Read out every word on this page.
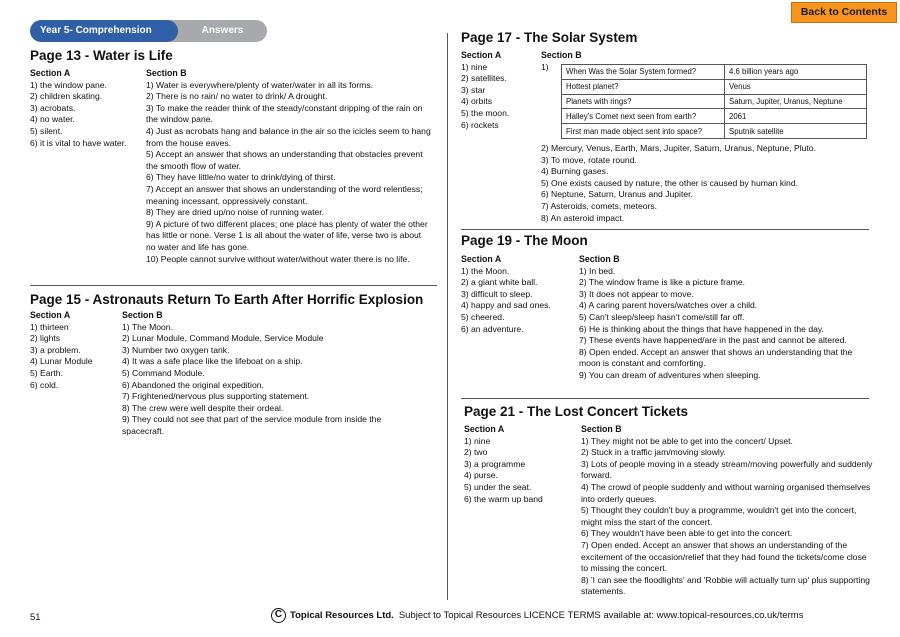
Year 5- Comprehension	Answers
Back to Contents
Page 13 - Water is Life
Section A
1) the window pane.
2) children skating.
3) acrobats.
4) no water.
5) silent.
6) it is vital to have water.
Section B
1) Water is everywhere/plenty of water/water in all its forms.
2) There is no rain/ no water to drink/ A drought.
3) To make the reader think of the steady/constant dripping of the rain on the window pane.
4) Just as acrobats hang and balance in the air so the icicles seem to hang from the house eaves.
5) Accept an answer that shows an understanding that obstacles prevent the smooth flow of water.
6) They have little/no water to drink/dying of thirst.
7) Accept an answer that shows an understanding of the word relentless; meaning incessant, oppressively constant.
8) They are dried up/no noise of running water.
9) A picture of two different places; one place has plenty of water the other has little or none. Verse 1 is all about the water of life, verse two is about no water and life has gone.
10) People cannot survive without water/without water there is no life.
Page 15 - Astronauts Return To Earth After Horrific Explosion
Section A
1) thirteen
2) lights
3) a problem.
4) Lunar Module
5) Earth.
6) cold.
Section B
1) The Moon.
2) Lunar Module, Command Module, Service Module
3) Number two oxygen tank.
4) It was a safe place like the lifeboat on a ship.
5) Command Module.
6) Abandoned the original expedition.
7) Frightened/nervous plus supporting statement.
8) The crew were well despite their ordeal.
9) They could not see that part of the service module from inside the spacecraft.
Page 17 - The Solar System
Section A
1) nine
2) satellites.
3) star
4) orbits
5) the moon.
6) rockets
Section B
1)
When Was the Solar System formed?	4.6 billion years ago
Hottest planet?	Venus
Planets with rings?	Saturn, Jupiter, Uranus, Neptune
Halley's Comet next seen from earth?	2061
First man made object sent into space?	Sputnik satellite
2) Mercury, Venus, Earth, Mars, Jupiter, Saturn, Uranus, Neptune, Pluto.
3) To move, rotate round.
4) Burning gases.
5) One exists caused by nature, the other is caused by human kind.
6) Neptune, Saturn, Uranus and Jupiter.
7) Asteroids, comets, meteors.
8) An asteroid impact.
Page 19 - The Moon
Section A
1) the Moon.
2) a giant white ball.
3) difficult to sleep.
4) happy and sad ones.
5) cheered.
6) an adventure.
Section B
1) In bed.
2) The window frame is like a picture frame.
3) It does not appear to move.
4) A caring parent hovers/watches over a child.
5) Can't sleep/sleep hasn't come/still far off.
6) He is thinking about the things that have happened in the day.
7) These events have happened/are in the past and cannot be altered.
8) Open ended. Accept an answer that shows an understanding that the moon is constant and comforting.
9) You can dream of adventures when sleeping.
Page 21 - The Lost Concert Tickets
Section A
1) nine
2) two
3) a programme
4) purse.
5) under the seat.
6) the warm up band
Section B
1) They might not be able to get into the concert/ Upset.
2) Stuck in a traffic jam/moving slowly.
3) Lots of people moving in a steady stream/moving powerfully and suddenly forward.
4) The crowd of people suddenly and without warning organised themselves into orderly queues.
5) Thought they couldn't buy a programme, wouldn't get into the concert, might miss the start of the concert.
6) They wouldn't have been able to get into the concert.
7) Open ended. Accept an answer that shows an understanding of the excitement of the occasion/relief that they had found the tickets/come close to missing the concert.
8) 'I can see the floodlights' and 'Robbie will actually turn up' plus supporting statements.
51	C Topical Resources Ltd. Subject to Topical Resources LICENCE TERMS available at: www.topical-resources.co.uk/terms
